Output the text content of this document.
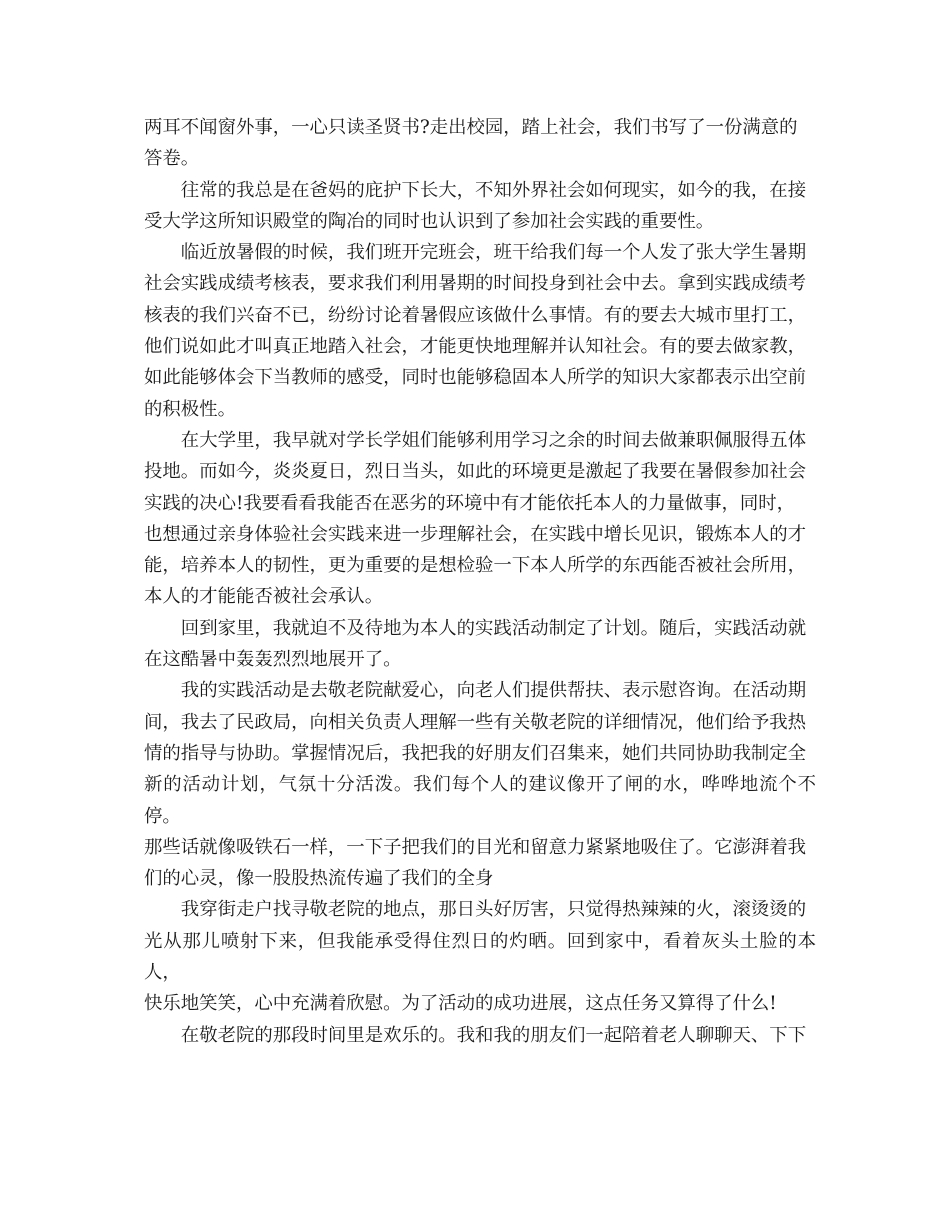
两耳不闻窗外事，一心只读圣贤书?走出校园，踏上社会，我们书写了一份满意的
答卷。

往常的我总是在爸妈的庇护下长大，不知外界社会如何现实，如今的我，在接
受大学这所知识殿堂的陶冶的同时也认识到了参加社会实践的重要性。

临近放暑假的时候，我们班开完班会，班干给我们每一个人发了张大学生暑期
社会实践成绩考核表，要求我们利用暑期的时间投身到社会中去。拿到实践成绩考
核表的我们兴奋不已，纷纷讨论着暑假应该做什么事情。有的要去大城市里打工，
他们说如此才叫真正地踏入社会，才能更快地理解并认知社会。有的要去做家教，
如此能够体会下当教师的感受，同时也能够稳固本人所学的知识大家都表示出空前
的积极性。

在大学里，我早就对学长学姐们能够利用学习之余的时间去做兼职佩服得五体
投地。而如今，炎炎夏日，烈日当头，如此的环境更是激起了我要在暑假参加社会
实践的决心!我要看看我能否在恶劣的环境中有才能依托本人的力量做事，同时，
也想通过亲身体验社会实践来进一步理解社会，在实践中增长见识，锻炼本人的才
能，培养本人的韧性，更为重要的是想检验一下本人所学的东西能否被社会所用，
本人的才能能否被社会承认。

回到家里，我就迫不及待地为本人的实践活动制定了计划。随后，实践活动就
在这酷暑中轰轰烈烈地展开了。

我的实践活动是去敬老院献爱心，向老人们提供帮扶、表示慰咨询。在活动期
间，我去了民政局，向相关负责人理解一些有关敬老院的详细情况，他们给予我热
情的指导与协助。掌握情况后，我把我的好朋友们召集来，她们共同协助我制定全
新的活动计划，气氛十分活泼。我们每个人的建议像开了闸的水，哗哗地流个不停。
那些话就像吸铁石一样，一下子把我们的目光和留意力紧紧地吸住了。它澎湃着我
们的心灵，像一股股热流传遍了我们的全身

我穿街走户找寻敬老院的地点，那日头好厉害，只觉得热辣辣的火，滚烫烫的
光从那儿喷射下来，但我能承受得住烈日的灼晒。回到家中，看着灰头土脸的本人，
快乐地笑笑，心中充满着欣慰。为了活动的成功进展，这点任务又算得了什么!

在敬老院的那段时间里是欢乐的。我和我的朋友们一起陪着老人聊聊天、下下
